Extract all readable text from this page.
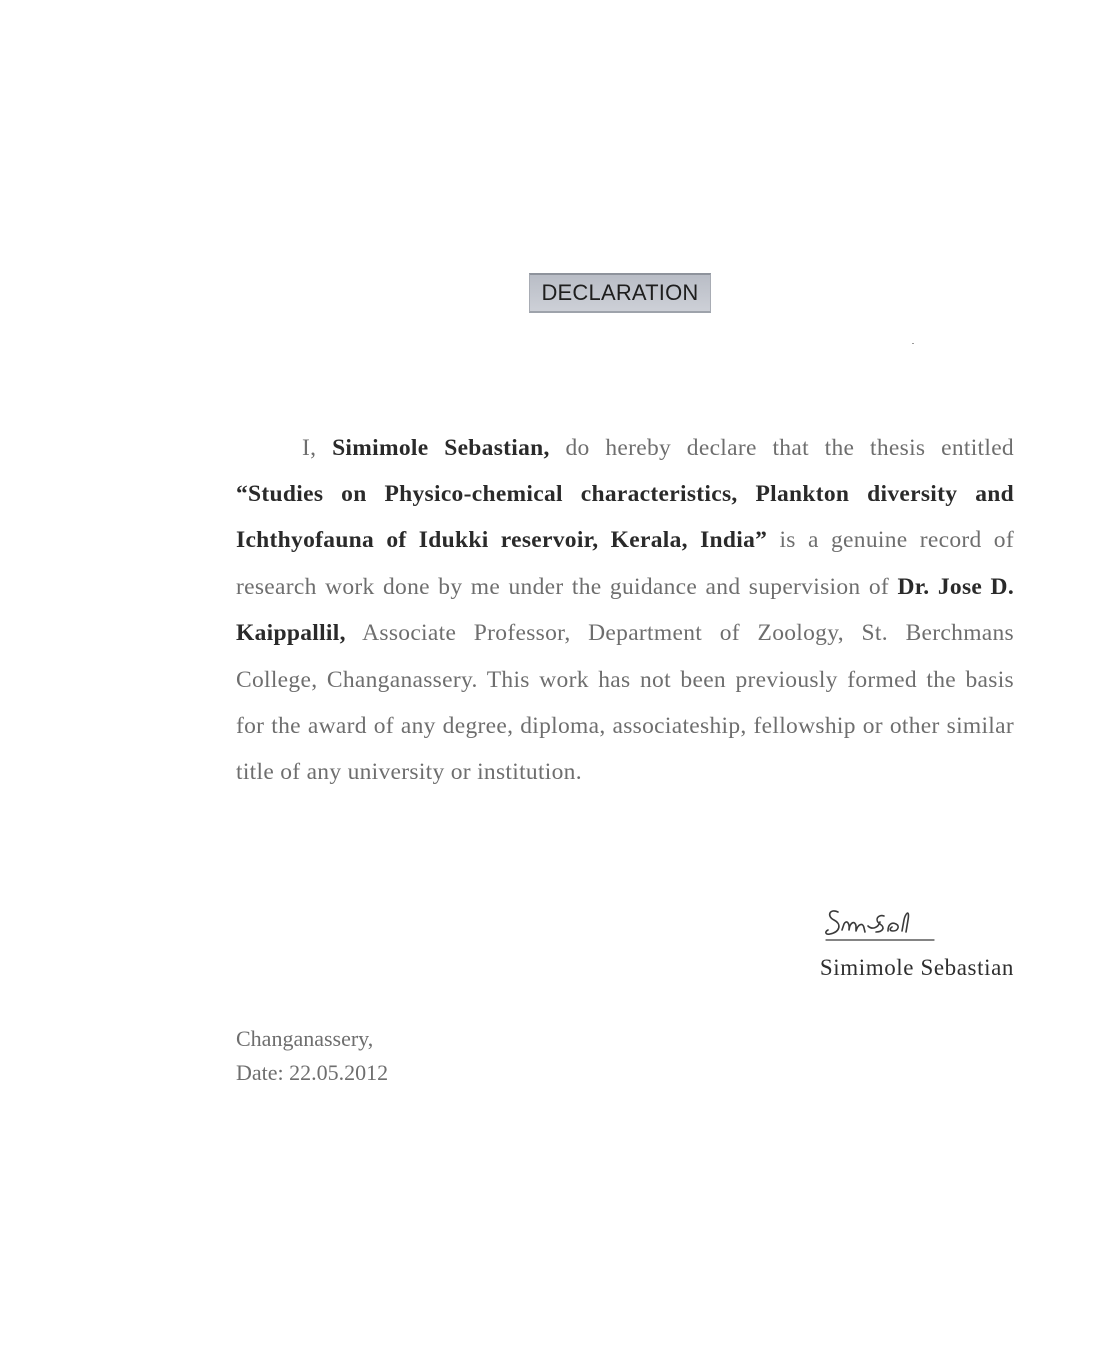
DECLARATION

I, Simimole Sebastian, do hereby declare that the thesis entitled “Studies on Physico-chemical characteristics, Plankton diversity and Ichthyofauna of Idukki reservoir, Kerala, India” is a genuine record of research work done by me under the guidance and supervision of Dr. Jose D. Kaippallil, Associate Professor, Department of Zoology, St. Berchmans College, Changanassery. This work has not been previously formed the basis for the award of any degree, diploma, associateship, fellowship or other similar title of any university or institution.

Simimole Sebastian
Changanassery,
Date: 22.05.2012
